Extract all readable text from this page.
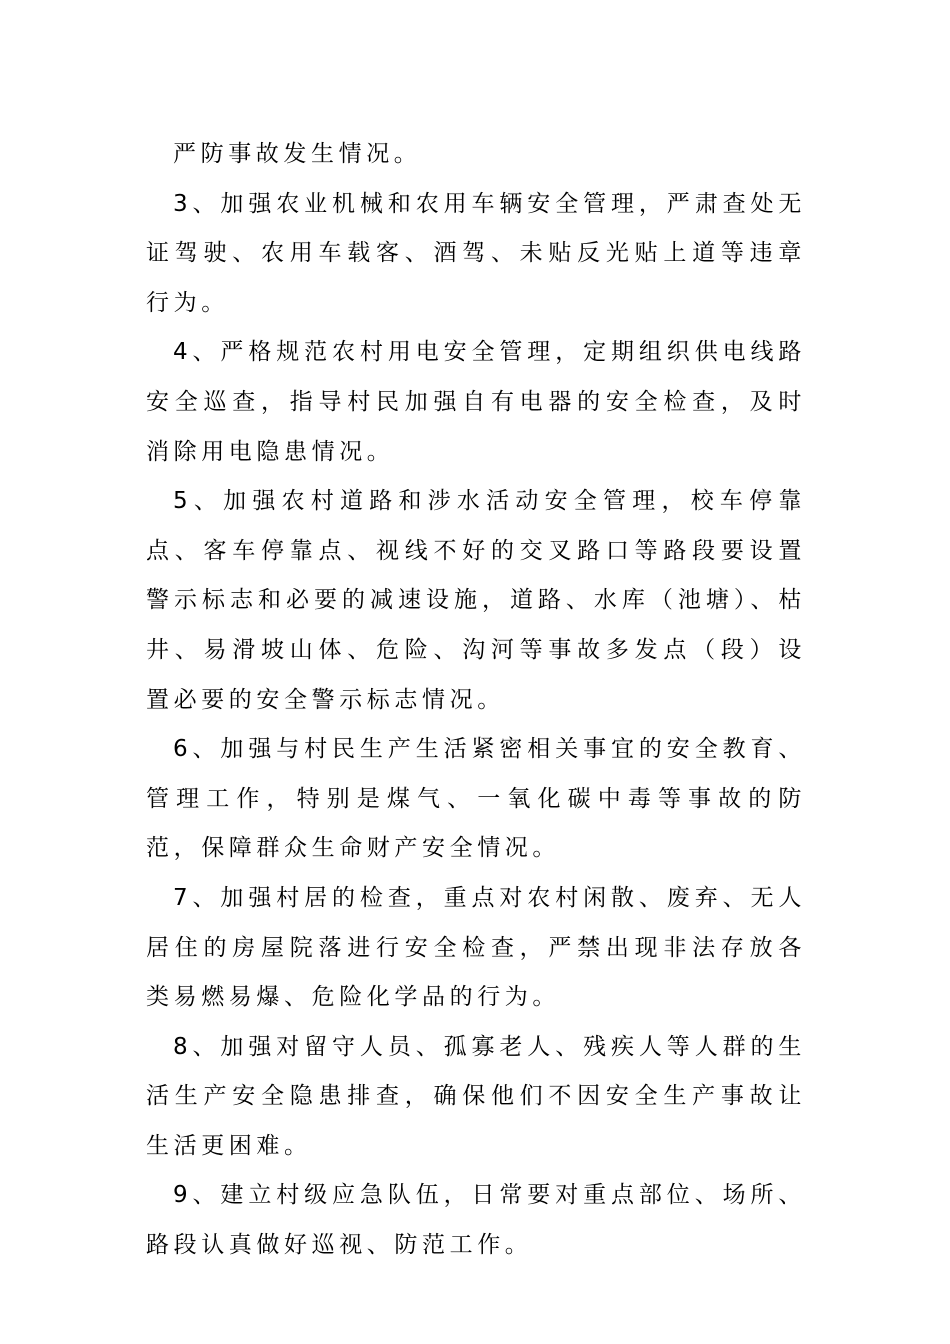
严防事故发生情况。

3、加强农业机械和农用车辆安全管理，严肃查处无证驾驶、农用车载客、酒驾、未贴反光贴上道等违章行为。

4、严格规范农村用电安全管理，定期组织供电线路安全巡查，指导村民加强自有电器的安全检查，及时消除用电隐患情况。

5、加强农村道路和涉水活动安全管理，校车停靠点、客车停靠点、视线不好的交叉路口等路段要设置警示标志和必要的减速设施，道路、水库（池塘）、枯井、易滑坡山体、危险、沟河等事故多发点（段）设置必要的安全警示标志情况。

6、加强与村民生产生活紧密相关事宜的安全教育、管理工作，特别是煤气、一氧化碳中毒等事故的防范，保障群众生命财产安全情况。

7、加强村居的检查，重点对农村闲散、废弃、无人居住的房屋院落进行安全检查，严禁出现非法存放各类易燃易爆、危险化学品的行为。

8、加强对留守人员、孤寡老人、残疾人等人群的生活生产安全隐患排查，确保他们不因安全生产事故让生活更困难。

9、建立村级应急队伍，日常要对重点部位、场所、路段认真做好巡视、防范工作。
